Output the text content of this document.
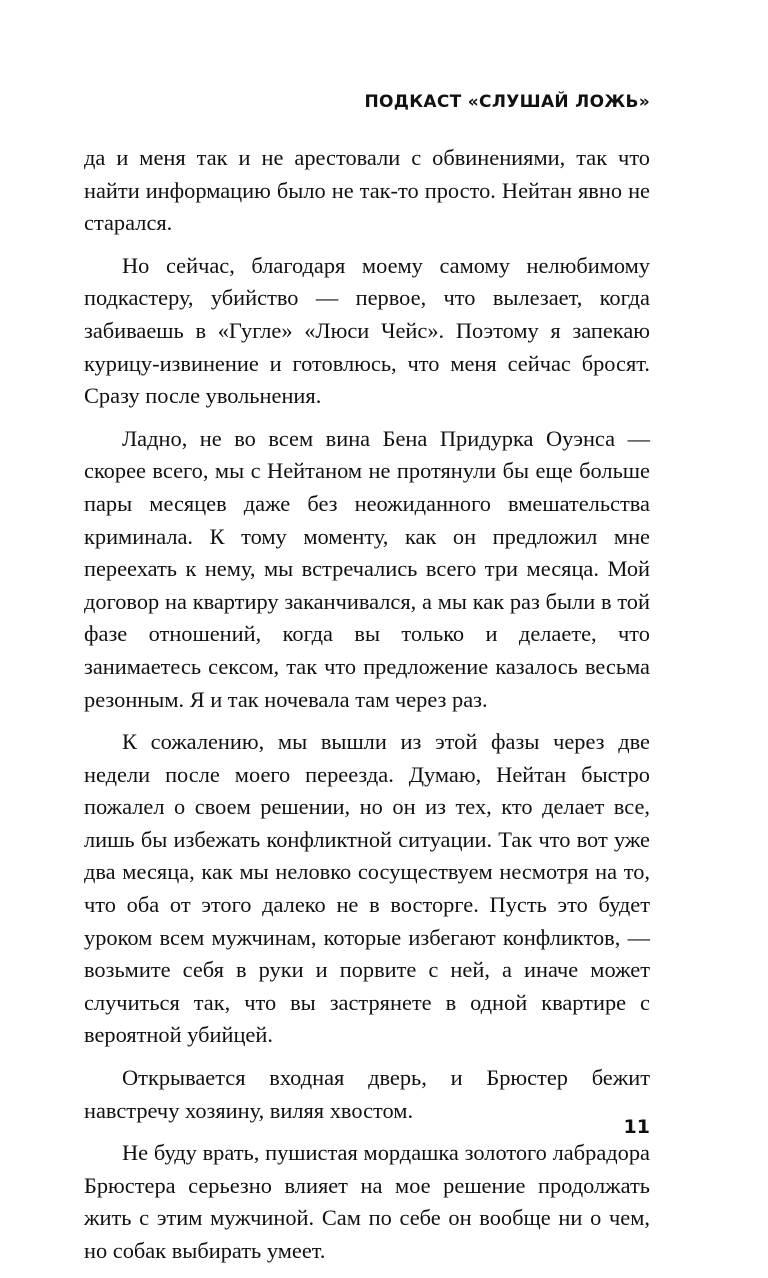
ПОДКАСТ «СЛУШАЙ ЛОЖЬ»

да и меня так и не арестовали с обвинениями, так что найти информацию было не так-то просто. Нейтан явно не старался.

Но сейчас, благодаря моему самому нелюбимому подкастеру, убийство — первое, что вылезает, когда забиваешь в «Гугле» «Люси Чейс». Поэтому я запекаю курицу-извинение и готовлюсь, что меня сейчас бросят. Сразу после увольнения.

Ладно, не во всем вина Бена Придурка Оуэнса — скорее всего, мы с Нейтаном не протянули бы еще больше пары месяцев даже без неожиданного вмешательства криминала. К тому моменту, как он предложил мне переехать к нему, мы встречались всего три месяца. Мой договор на квартиру заканчивался, а мы как раз были в той фазе отношений, когда вы только и делаете, что занимаетесь сексом, так что предложение казалось весьма резонным. Я и так ночевала там через раз.

К сожалению, мы вышли из этой фазы через две недели после моего переезда. Думаю, Нейтан быстро пожалел о своем решении, но он из тех, кто делает все, лишь бы избежать конфликтной ситуации. Так что вот уже два месяца, как мы неловко сосуществуем несмотря на то, что оба от этого далеко не в восторге. Пусть это будет уроком всем мужчинам, которые избегают конфликтов, — возьмите себя в руки и порвите с ней, а иначе может случиться так, что вы застрянете в одной квартире с вероятной убийцей.

Открывается входная дверь, и Брюстер бежит навстречу хозяину, виляя хвостом.

Не буду врать, пушистая мордашка золотого лабрадора Брюстера серьезно влияет на мое решение продолжать жить с этим мужчиной. Сам по себе он вообще ни о чем, но собак выбирать умеет.

11
